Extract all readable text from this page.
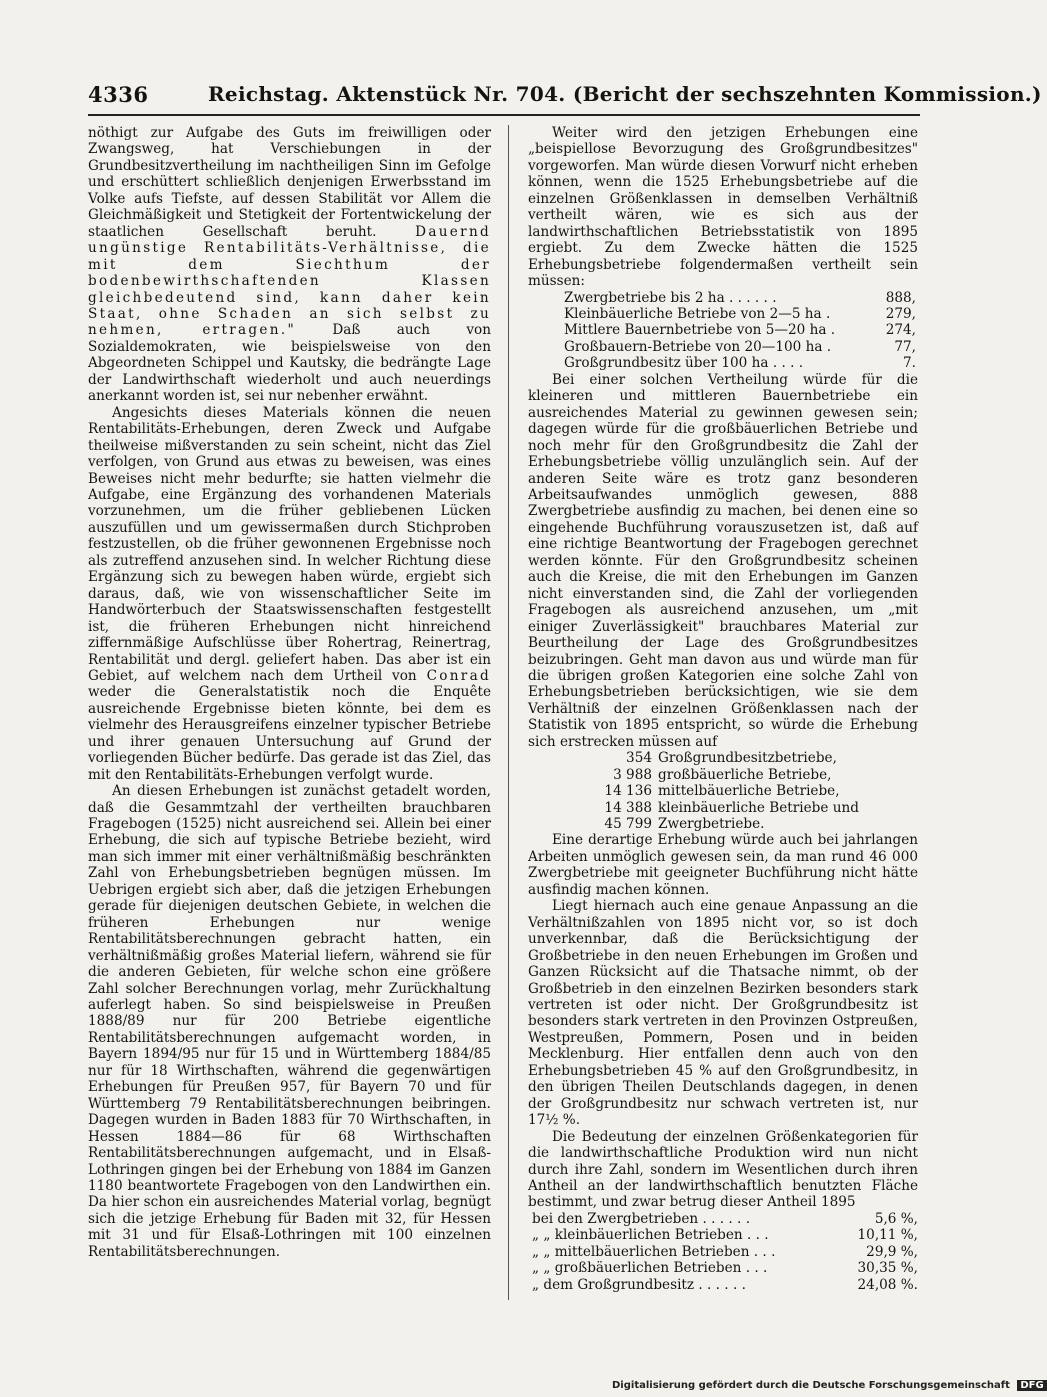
4336	Reichstag. Aktenstück Nr. 704. (Bericht der sechszehnten Kommission.)

nöthigt zur Aufgabe des Guts im freiwilligen oder Zwangsweg, hat Verschiebungen in der Grundbesitzvertheilung im nachtheiligen Sinn im Gefolge und erschüttert schließlich denjenigen Erwerbsstand im Volke aufs Tiefste, auf dessen Stabilität vor Allem die Gleichmäßigkeit und Stetigkeit der Fortentwickelung der staatlichen Gesellschaft beruht.	Dauernd ungünstige Rentabilitäts-Verhältnisse, die mit dem Siechthum der bodenbewirthschaftenden Klassen gleichbedeutend sind, kann daher kein Staat, ohne Schaden an sich selbst zu nehmen, ertragen."	Daß auch von Sozialdemokraten, wie beispielsweise von den Abgeordneten Schippel und Kautsky, die bedrängte Lage der Landwirthschaft wiederholt und auch neuerdings anerkannt worden ist, sei nur nebenher erwähnt.

Angesichts dieses Materials können die neuen Rentabilitäts-Erhebungen, deren Zweck und Aufgabe theilweise mißverstanden zu sein scheint, nicht das Ziel verfolgen, von Grund aus etwas zu beweisen, was eines Beweises nicht mehr bedurfte; sie hatten vielmehr die Aufgabe, eine Ergänzung des vorhandenen Materials vorzunehmen, um die früher gebliebenen Lücken auszufüllen und um gewissermaßen durch Stichproben festzustellen, ob die früher gewonnenen Ergebnisse noch als zutreffend anzusehen sind. In welcher Richtung diese Ergänzung sich zu bewegen haben würde, ergiebt sich daraus, daß, wie von wissenschaftlicher Seite im Handwörterbuch der Staatswissenschaften festgestellt ist, die früheren Erhebungen nicht hinreichend ziffernmäßige Aufschlüsse über Rohertrag, Reinertrag, Rentabilität und dergl. geliefert haben. Das aber ist ein Gebiet, auf welchem nach dem Urtheil von Conrad weder die Generalstatistik noch die Enquête ausreichende Ergebnisse bieten könnte, bei dem es vielmehr des Herausgreifens einzelner typischer Betriebe und ihrer genauen Untersuchung auf Grund der vorliegenden Bücher bedürfe. Das gerade ist das Ziel, das mit den Rentabilitäts-Erhebungen verfolgt wurde.

An diesen Erhebungen ist zunächst getadelt worden, daß die Gesammtzahl der vertheilten brauchbaren Fragebogen (1525) nicht ausreichend sei. Allein bei einer Erhebung, die sich auf typische Betriebe bezieht, wird man sich immer mit einer verhältnißmäßig beschränkten Zahl von Erhebungsbetrieben begnügen müssen. Im Uebrigen ergiebt sich aber, daß die jetzigen Erhebungen gerade für diejenigen deutschen Gebiete, in welchen die früheren Erhebungen nur wenige Rentabilitätsberechnungen gebracht hatten, ein verhältnißmäßig großes Material liefern, während sie für die anderen Gebieten, für welche schon eine größere Zahl solcher Berechnungen vorlag, mehr Zurückhaltung auferlegt haben. So sind beispielsweise in Preußen 1888/89 nur für 200 Betriebe eigentliche Rentabilitätsberechnungen aufgemacht worden, in Bayern 1894/95 nur für 15 und in Württemberg 1884/85 nur für 18 Wirthschaften, während die gegenwärtigen Erhebungen für Preußen 957, für Bayern 70 und für Württemberg 79 Rentabilitätsberechnungen beibringen. Dagegen wurden in Baden 1883 für 70 Wirthschaften, in Hessen 1884—86 für 68 Wirthschaften Rentabilitätsberechnungen aufgemacht, und in Elsaß-Lothringen gingen bei der Erhebung von 1884 im Ganzen 1180 beantwortete Fragebogen von den Landwirthen ein. Da hier schon ein ausreichendes Material vorlag, begnügt sich die jetzige Erhebung für Baden mit 32, für Hessen mit 31 und für Elsaß-Lothringen mit 100 einzelnen Rentabilitätsberechnungen.

Weiter wird den jetzigen Erhebungen eine „beispiellose Bevorzugung des Großgrundbesitzes" vorgeworfen. Man würde diesen Vorwurf nicht erheben können, wenn die 1525 Erhebungsbetriebe auf die einzelnen Größenklassen in demselben Verhältniß vertheilt wären, wie es sich aus der landwirthschaftlichen Betriebsstatistik von 1895 ergiebt. Zu dem Zwecke hätten die 1525 Erhebungsbetriebe folgendermaßen vertheilt sein müssen:

Zwergbetriebe bis 2 ha . . . . . .	888,
Kleinbäuerliche Betriebe von 2—5 ha .	279,
Mittlere Bauernbetriebe von 5—20 ha .	274,
Großbauern-Betriebe von 20—100 ha .	77,
Großgrundbesitz über 100 ha . . . .	7.

Bei einer solchen Vertheilung würde für die kleineren und mittleren Bauernbetriebe ein ausreichendes Material zu gewinnen gewesen sein; dagegen würde für die großbäuerlichen Betriebe und noch mehr für den Großgrundbesitz die Zahl der Erhebungsbetriebe völlig unzulänglich sein. Auf der anderen Seite wäre es trotz ganz besonderen Arbeitsaufwandes unmöglich gewesen, 888 Zwergbetriebe ausfindig zu machen, bei denen eine so eingehende Buchführung vorauszusetzen ist, daß auf eine richtige Beantwortung der Fragebogen gerechnet werden könnte. Für den Großgrundbesitz scheinen auch die Kreise, die mit den Erhebungen im Ganzen nicht einverstanden sind, die Zahl der vorliegenden Fragebogen als ausreichend anzusehen, um „mit einiger Zuverlässigkeit" brauchbares Material zur Beurtheilung der Lage des Großgrundbesitzes beizubringen. Geht man davon aus und würde man für die übrigen großen Kategorien eine solche Zahl von Erhebungsbetrieben berücksichtigen, wie sie dem Verhältniß der einzelnen Größenklassen nach der Statistik von 1895 entspricht, so würde die Erhebung sich erstrecken müssen auf

354 Großgrundbesitzbetriebe,
3 988 großbäuerliche Betriebe,
14 136 mittelbäuerliche Betriebe,
14 388 kleinbäuerliche Betriebe und
45 799 Zwergbetriebe.

Eine derartige Erhebung würde auch bei jahrlangen Arbeiten unmöglich gewesen sein, da man rund 46 000 Zwergbetriebe mit geeigneter Buchführung nicht hätte ausfindig machen können.

Liegt hiernach auch eine genaue Anpassung an die Verhältnißzahlen von 1895 nicht vor, so ist doch unverkennbar, daß die Berücksichtigung der Großbetriebe in den neuen Erhebungen im Großen und Ganzen Rücksicht auf die Thatsache nimmt, ob der Großbetrieb in den einzelnen Bezirken besonders stark vertreten ist oder nicht. Der Großgrundbesitz ist besonders stark vertreten in den Provinzen Ostpreußen, Westpreußen, Pommern, Posen und in beiden Mecklenburg. Hier entfallen denn auch von den Erhebungsbetrieben 45 % auf den Großgrundbesitz, in den übrigen Theilen Deutschlands dagegen, in denen der Großgrundbesitz nur schwach vertreten ist, nur 17½ %.

Die Bedeutung der einzelnen Größenkategorien für die landwirthschaftliche Produktion wird nun nicht durch ihre Zahl, sondern im Wesentlichen durch ihren Antheil an der landwirthschaftlich benutzten Fläche bestimmt, und zwar betrug dieser Antheil 1895

bei den Zwergbetrieben . . . . . .	5,6 %,
„ „ kleinbäuerlichen Betrieben . . .	10,11 %,
„ „ mittelbäuerlichen Betrieben . . .	29,9 %,
„ „ großbäuerlichen Betrieben . . .	30,35 %,
„ dem Großgrundbesitz . . . . . .	24,08 %.
Digitalisierung gefördert durch die Deutsche Forschungsgemeinschaft DFG
